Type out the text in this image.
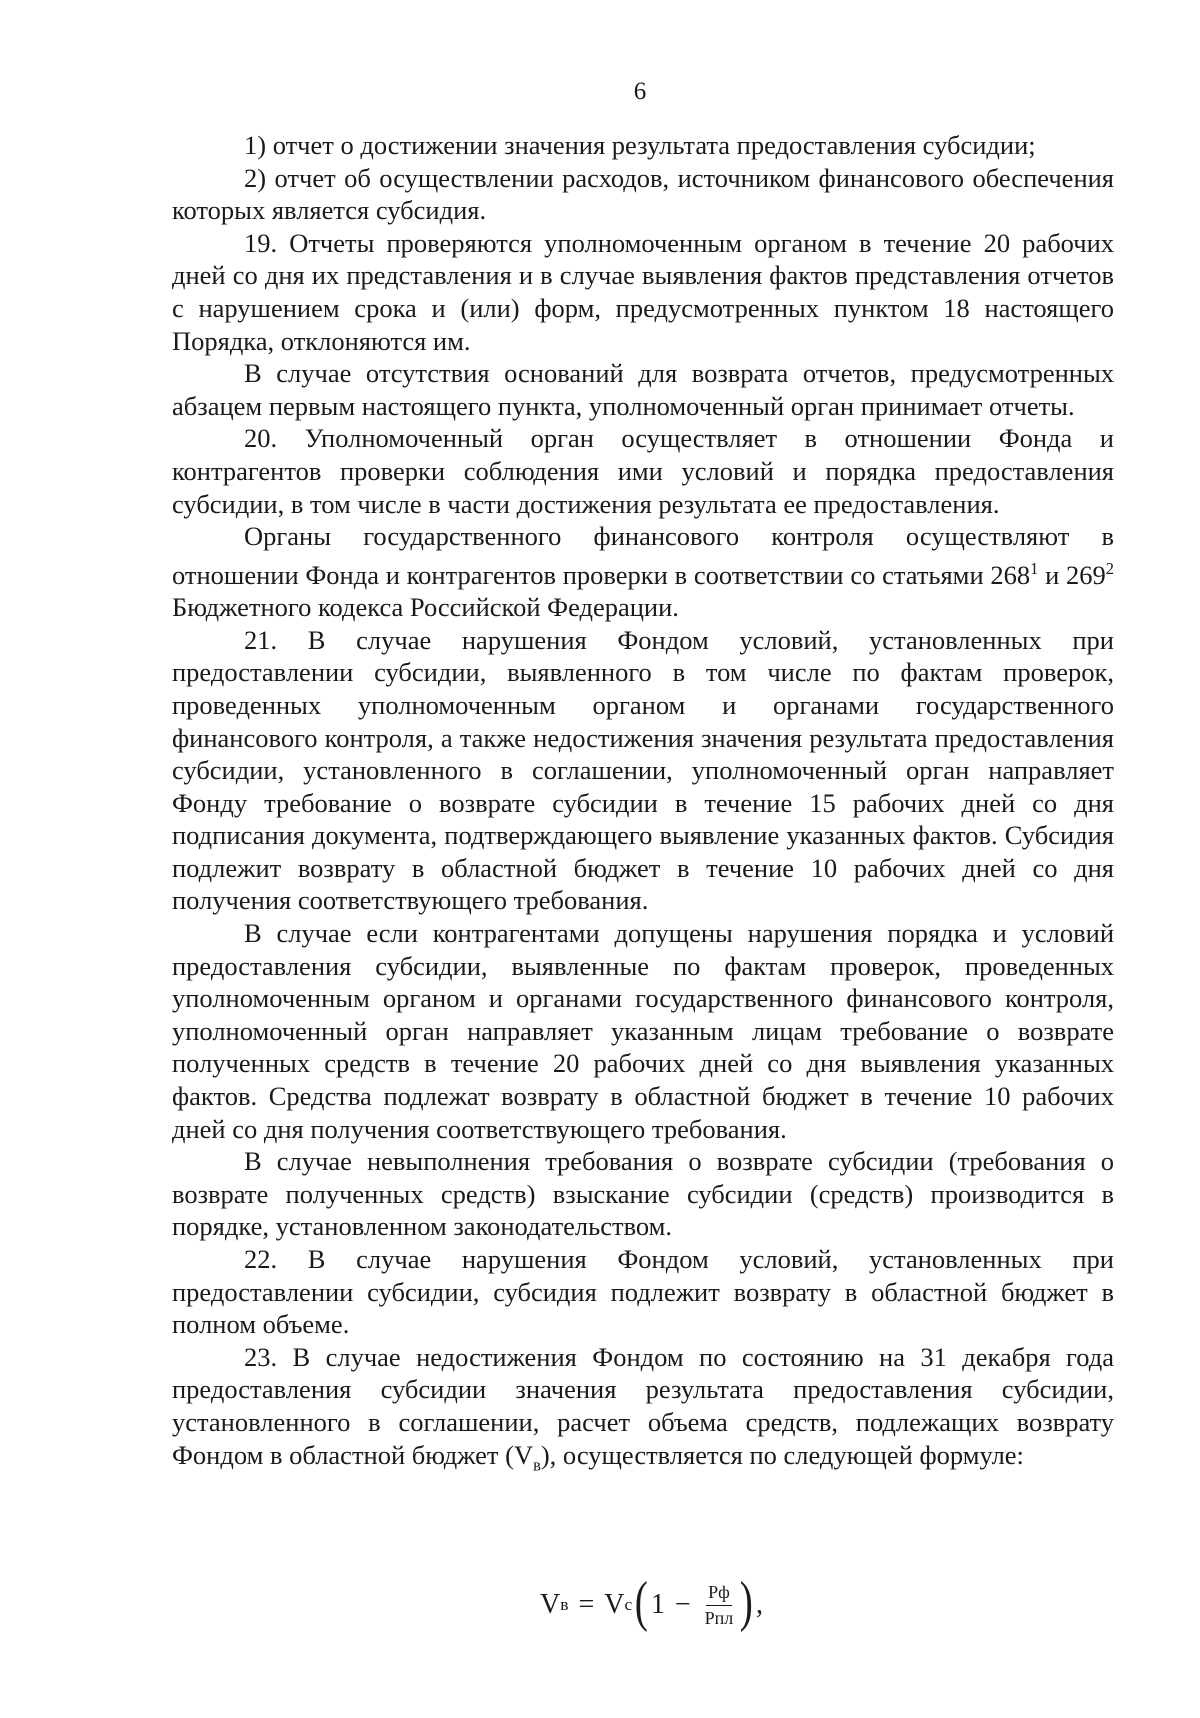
6

1) отчет о достижении значения результата предоставления субсидии;

2) отчет об осуществлении расходов, источником финансового обеспечения которых является субсидия.

19. Отчеты проверяются уполномоченным органом в течение 20 рабочих дней со дня их представления и в случае выявления фактов представления отчетов с нарушением срока и (или) форм, предусмотренных пунктом 18 настоящего Порядка, отклоняются им.

В случае отсутствия оснований для возврата отчетов, предусмотренных абзацем первым настоящего пункта, уполномоченный орган принимает отчеты.

20. Уполномоченный орган осуществляет в отношении Фонда и контрагентов проверки соблюдения ими условий и порядка предоставления субсидии, в том числе в части достижения результата ее предоставления.

Органы государственного финансового контроля осуществляют в отношении Фонда и контрагентов проверки в соответствии со статьями $268^1$ и $269^2$ Бюджетного кодекса Российской Федерации.

21. В случае нарушения Фондом условий, установленных при предоставлении субсидии, выявленного в том числе по фактам проверок, проведенных уполномоченным органом и органами государственного финансового контроля, а также недостижения значения результата предоставления субсидии, установленного в соглашении, уполномоченный орган направляет Фонду требование о возврате субсидии в течение 15 рабочих дней со дня подписания документа, подтверждающего выявление указанных фактов. Субсидия подлежит возврату в областной бюджет в течение 10 рабочих дней со дня получения соответствующего требования.

В случае если контрагентами допущены нарушения порядка и условий предоставления субсидии, выявленные по фактам проверок, проведенных уполномоченным органом и органами государственного финансового контроля, уполномоченный орган направляет указанным лицам требование о возврате полученных средств в течение 20 рабочих дней со дня выявления указанных фактов. Средства подлежат возврату в областной бюджет в течение 10 рабочих дней со дня получения соответствующего требования.

В случае невыполнения требования о возврате субсидии (требования о возврате полученных средств) взыскание субсидии (средств) производится в порядке, установленном законодательством.

22. В случае нарушения Фондом условий, установленных при предоставлении субсидии, субсидия подлежит возврату в областной бюджет в полном объеме.

23. В случае недостижения Фондом по состоянию на 31 декабря года предоставления субсидии значения результата предоставления субсидии, установленного в соглашении, расчет объема средств, подлежащих возврату Фондом в областной бюджет $(V_в)$, осуществляется по следующей формуле:

V в = V с ( $1 - \frac{Рф}{\text{Рпл}}$ ) ,
